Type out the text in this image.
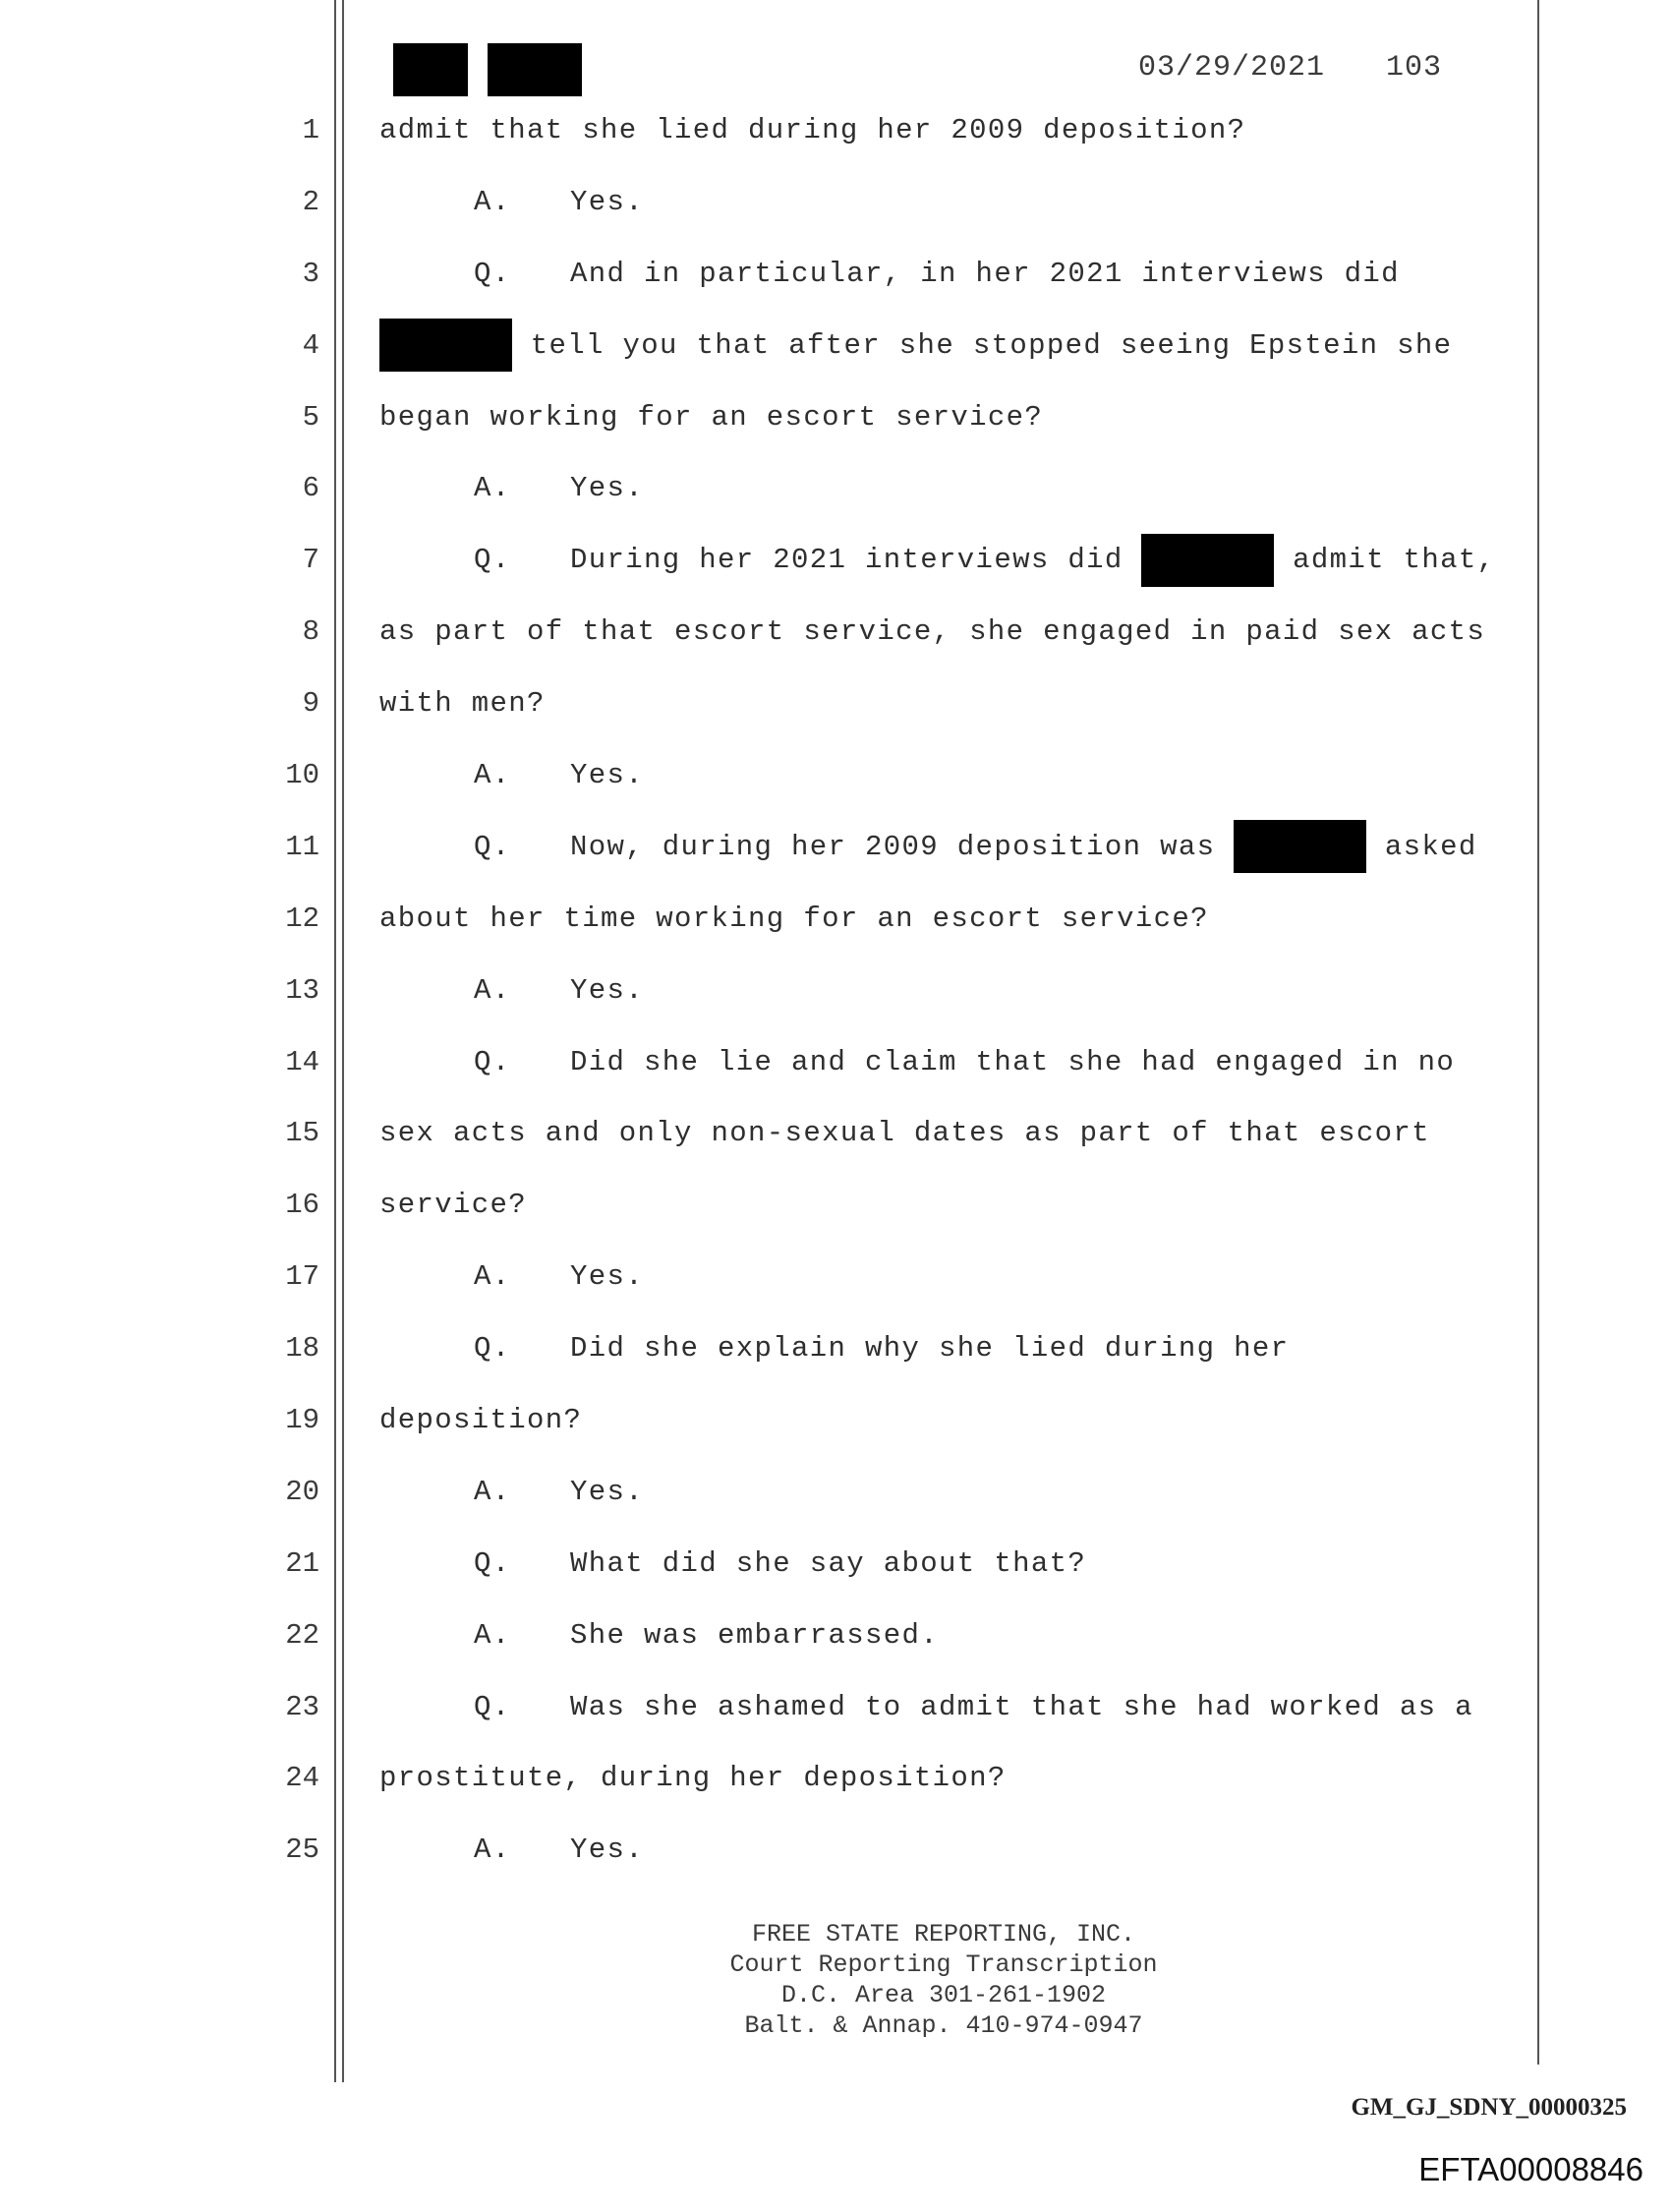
03/29/2021 103
1 admit that she lied during her 2009 deposition?
2	A. Yes.
3	Q. And in particular, in her 2021 interviews did
4	tell you that after she stopped seeing Epstein she
5 began working for an escort service?
6	A. Yes.
7	Q. During her 2021 interviews did	admit that,
8 as part of that escort service, she engaged in paid sex acts
9 with men?
10	A. Yes.
11	Q. Now, during her 2009 deposition was	asked
12 about her time working for an escort service?
13	A. Yes.
14	Q. Did she lie and claim that she had engaged in no
15 sex acts and only non-sexual dates as part of that escort
16 service?
17	A. Yes.
18	Q. Did she explain why she lied during her
19 deposition?
20	A. Yes.
21	Q. What did she say about that?
22	A. She was embarrassed.
23	Q. Was she ashamed to admit that she had worked as a
24 prostitute, during her deposition?
25	A. Yes.
FREE STATE REPORTING, INC.
Court Reporting Transcription
D.C. Area 301-261-1902
Balt. & Annap. 410-974-0947
GM_GJ_SDNY_00000325
EFTA00008846
